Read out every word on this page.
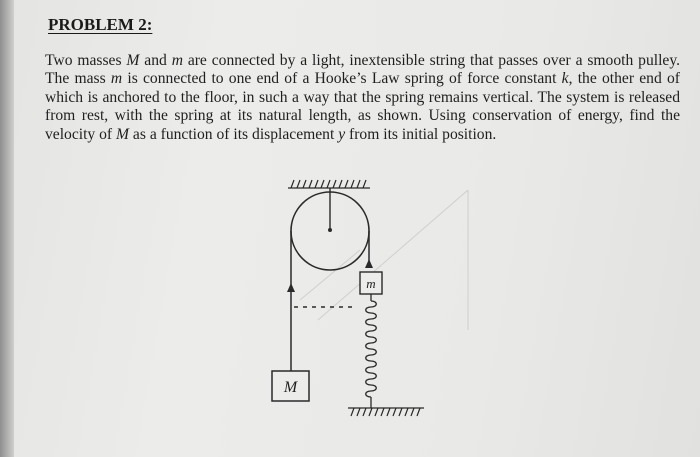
PROBLEM 2:

Two masses M and m are connected by a light, inextensible string that passes over a smooth pulley. The mass m is connected to one end of a Hooke’s Law spring of force constant k, the other end of which is anchored to the floor, in such a way that the spring remains vertical. The system is released from rest, with the spring at its natural length, as shown. Using conservation of energy, find the velocity of M as a function of its displacement y from its initial position.

M
m
